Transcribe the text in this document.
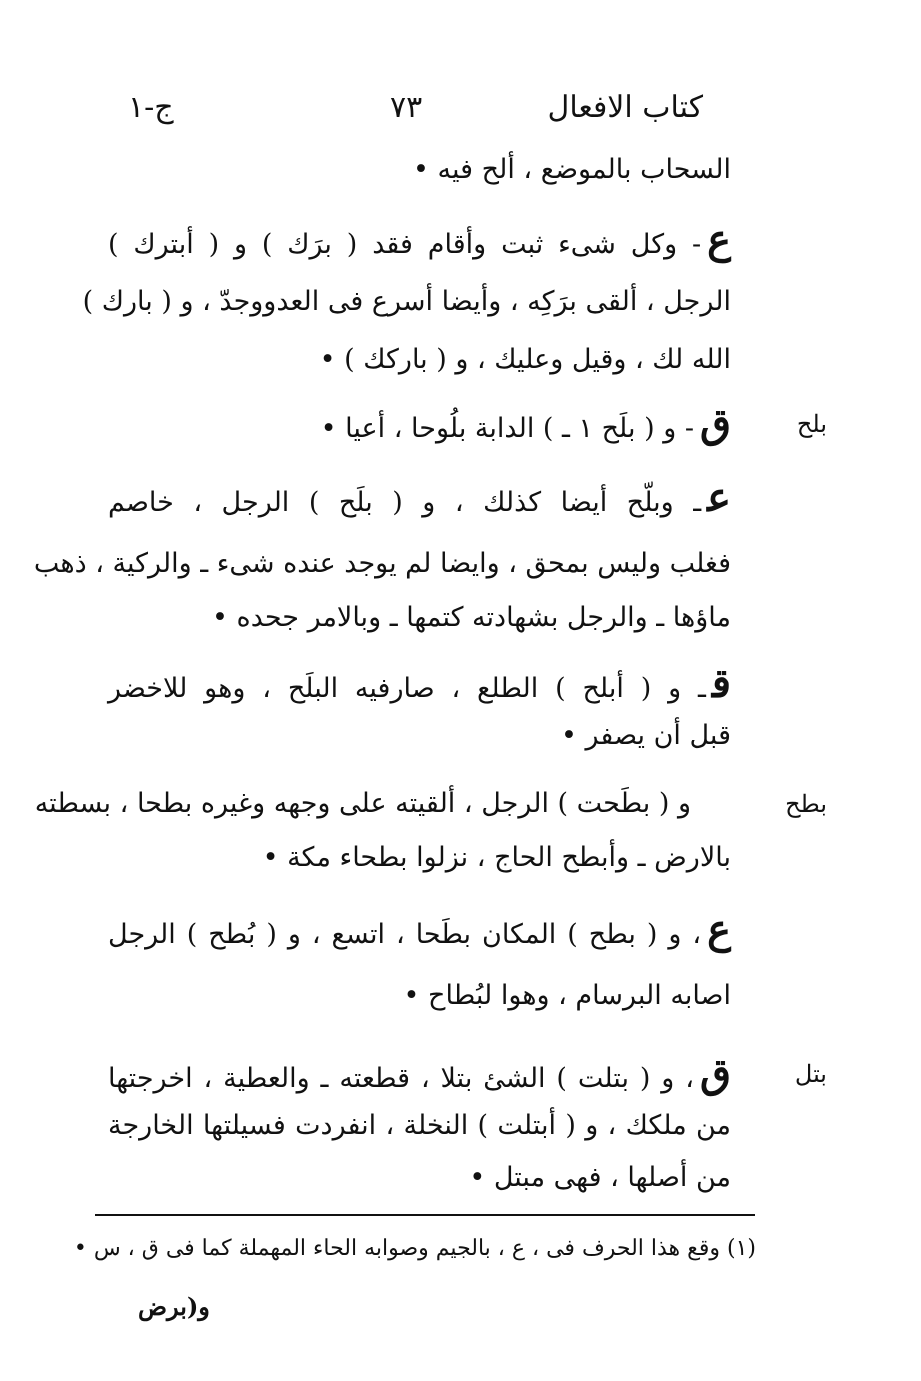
كتاب الافعال
٧٣
ج-١
السحاب بالموضع ، ألح فيه •
ع- وكل شىء ثبت وأقام فقد ( برَك ) و ( أبترك )
الرجل ، ألقى برَكِه ، وأيضا أسرع فى العدووجدّ ، و ( بارك )
الله لك ، وقيل وعليك ، و ( باركك ) •
بلح
ق- و ( بلَح ١ ـ ) الدابة بلُوحا ، أعيا •
عـ وبلّح أيضا كذلك ، و ( بلَح ) الرجل ، خاصم
فغلب وليس بمحق ، وايضا لم يوجد عنده شىء ـ والركية ، ذهب
ماؤها ـ والرجل بشهادته كتمها ـ وبالامر جحده •
قـ و ( أبلح ) الطلع ، صارفيه البلَح ، وهو للاخضر
قبل أن يصفر •
بطح
و ( بطَحت ) الرجل ، ألقيته على وجهه وغيره بطحا ، بسطته
بالارض ـ وأبطح الحاج ، نزلوا بطحاء مكة •
ع، و ( بطح ) المكان بطَحا ، اتسع ، و ( بُطح ) الرجل
اصابه البرسام ، وهوا لبُطاح •
بتل
ق، و ( بتلت ) الشئ بتلا ، قطعته ـ والعطية ، اخرجتها
من ملكك ، و ( أبتلت ) النخلة ، انفردت فسيلتها الخارجة
من أصلها ، فهى مبتل •
(١) وقع هذا الحرف فى ، ع ، بالجيم وصوابه الحاء المهملة كما فى ق ، س •
و(برض
